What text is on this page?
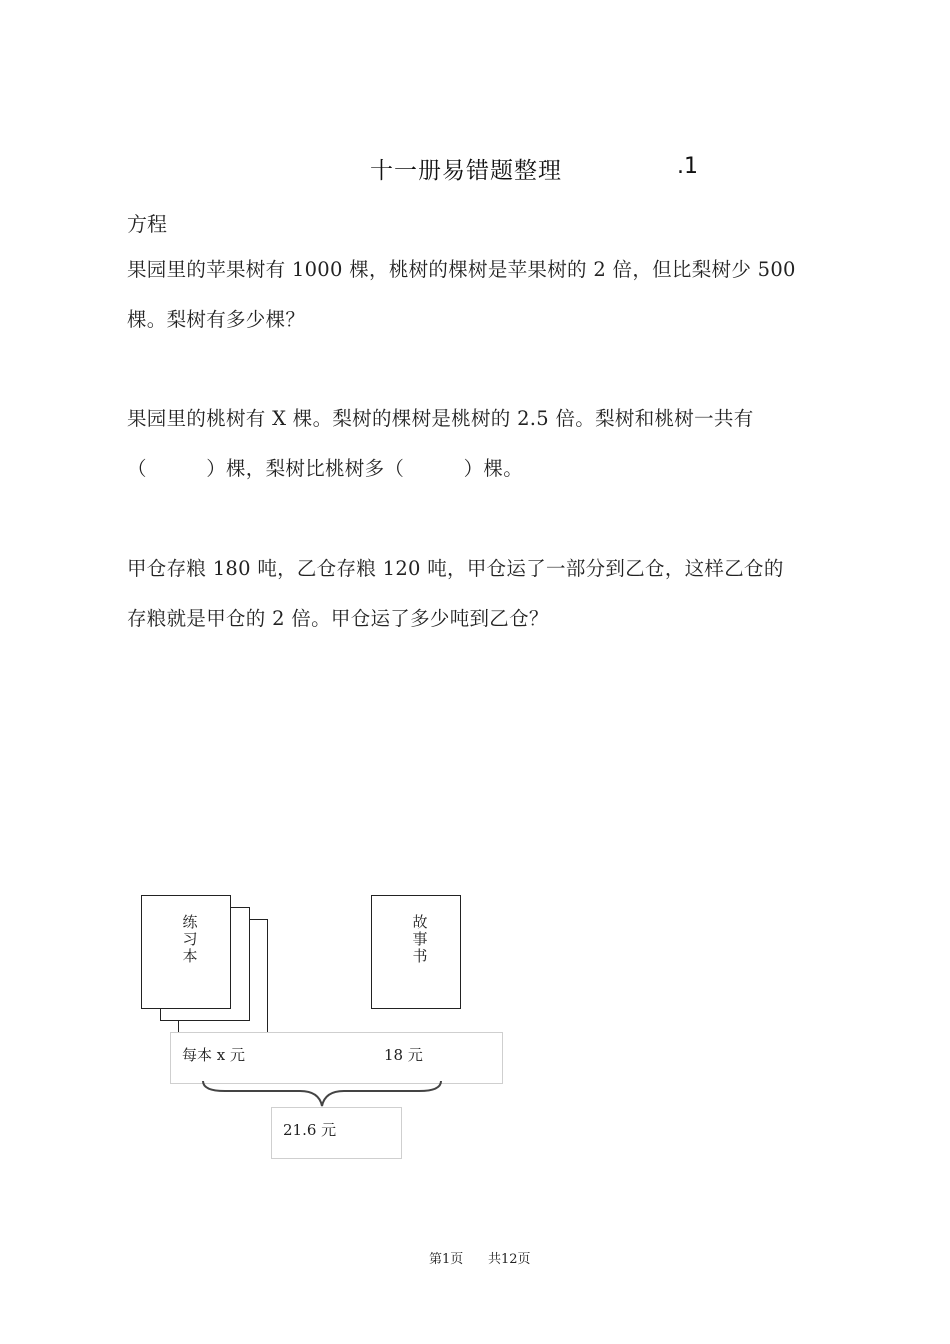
十一册易错题整理	.1
方程
果园里的苹果树有 1000 棵，桃树的棵树是苹果树的 2 倍，但比梨树少 500
棵。梨树有多少棵？
果园里的桃树有 X 棵。梨树的棵树是桃树的 2.5 倍。梨树和桃树一共有
（　　　）棵，梨树比桃树多（　　　）棵。
甲仓存粮 180 吨，乙仓存粮 120 吨，甲仓运了一部分到乙仓，这样乙仓的
存粮就是甲仓的 2 倍。甲仓运了多少吨到乙仓？
练
习
本
故
事
书
每本 x 元	18 元
21.6 元
第1页 共12页
